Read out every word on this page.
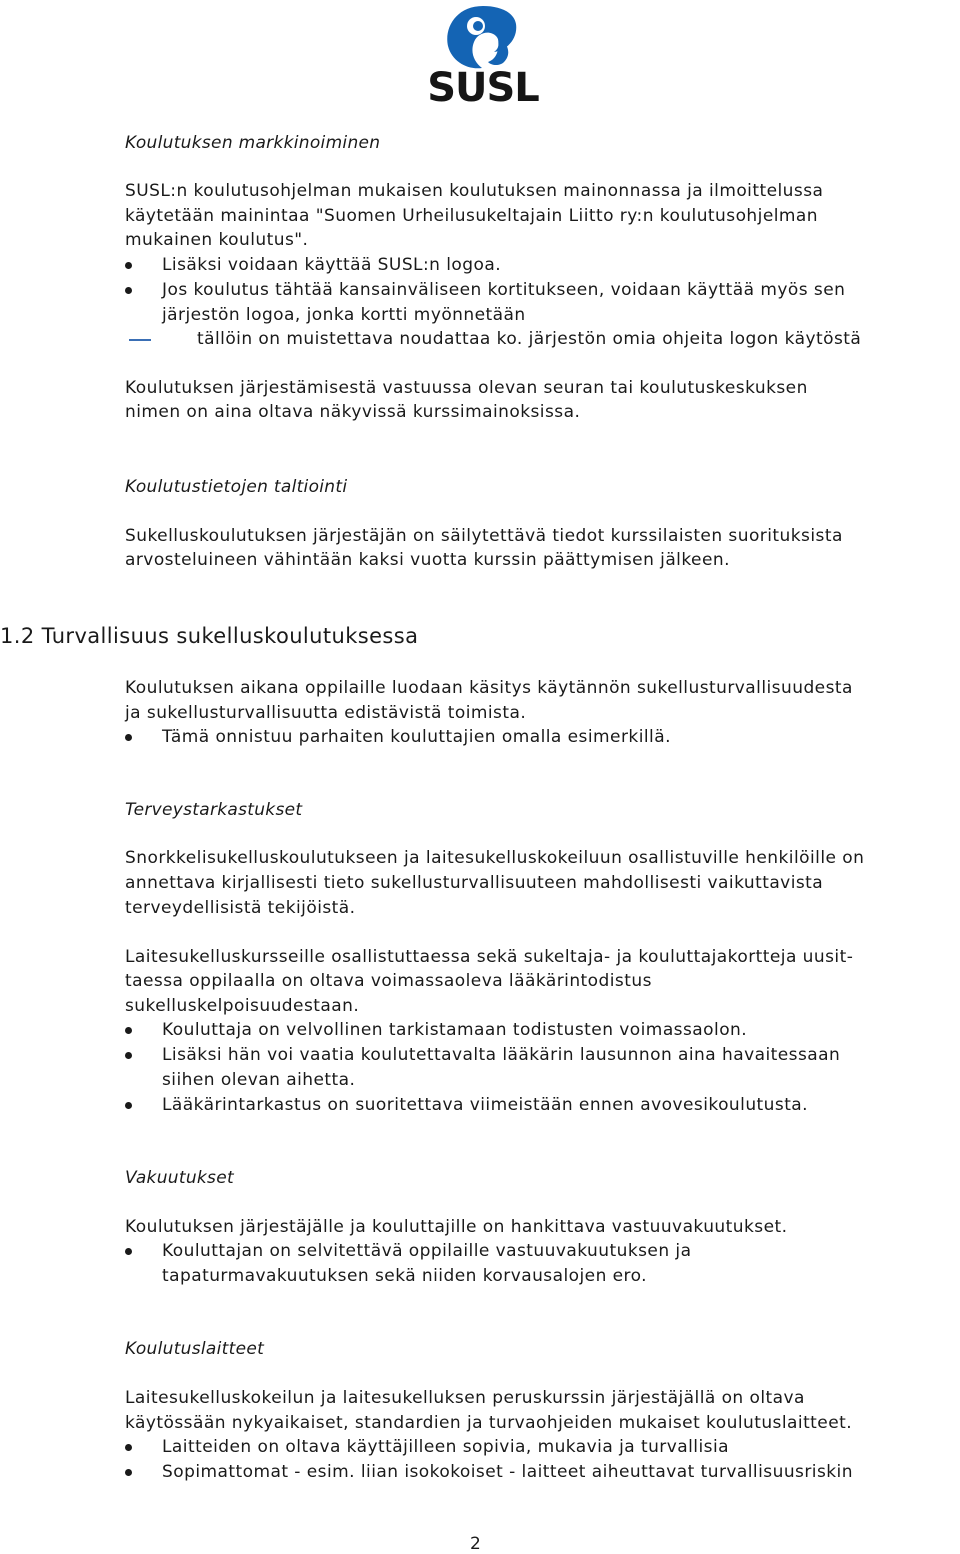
SUSL
Koulutuksen markkinoiminen
SUSL:n koulutusohjelman mukaisen koulutuksen mainonnassa ja ilmoittelussa
käytetään mainintaa "Suomen Urheilusukeltajain Liitto ry:n koulutusohjelman
mukainen koulutus".
Lisäksi voidaan käyttää SUSL:n logoa.
Jos koulutus tähtää kansainväliseen kortitukseen, voidaan käyttää myös sen
järjestön logoa, jonka kortti myönnetään
tällöin on muistettava noudattaa ko. järjestön omia ohjeita logon käytöstä
Koulutuksen järjestämisestä vastuussa olevan seuran tai koulutuskeskuksen
nimen on aina oltava näkyvissä kurssimainoksissa.
Koulutustietojen taltiointi
Sukelluskoulutuksen järjestäjän on säilytettävä tiedot kurssilaisten suorituksista
arvosteluineen vähintään kaksi vuotta kurssin päättymisen jälkeen.
1.2 Turvallisuus sukelluskoulutuksessa
Koulutuksen aikana oppilaille luodaan käsitys käytännön sukellusturvallisuudesta
ja sukellusturvallisuutta edistävistä toimista.
Tämä onnistuu parhaiten kouluttajien omalla esimerkillä.
Terveystarkastukset
Snorkkelisukelluskoulutukseen ja laitesukelluskokeiluun osallistuville henkilöille on
annettava kirjallisesti tieto sukellusturvallisuuteen mahdollisesti vaikuttavista
terveydellisistä tekijöistä.
Laitesukelluskursseille osallistuttaessa sekä sukeltaja- ja kouluttajakortteja uusit-
taessa oppilaalla on oltava voimassaoleva lääkärintodistus
sukelluskelpoisuudestaan.
Kouluttaja on velvollinen tarkistamaan todistusten voimassaolon.
Lisäksi hän voi vaatia koulutettavalta lääkärin lausunnon aina havaitessaan
siihen olevan aihetta.
Lääkärintarkastus on suoritettava viimeistään ennen avovesikoulutusta.
Vakuutukset
Koulutuksen järjestäjälle ja kouluttajille on hankittava vastuuvakuutukset.
Kouluttajan on selvitettävä oppilaille vastuuvakuutuksen ja
tapaturmavakuutuksen sekä niiden korvausalojen ero.
Koulutuslaitteet
Laitesukelluskokeilun ja laitesukelluksen peruskurssin järjestäjällä on oltava
käytössään nykyaikaiset, standardien ja turvaohjeiden mukaiset koulutuslaitteet.
Laitteiden on oltava käyttäjilleen sopivia, mukavia ja turvallisia
Sopimattomat - esim. liian isokokoiset - laitteet aiheuttavat turvallisuusriskin
2
